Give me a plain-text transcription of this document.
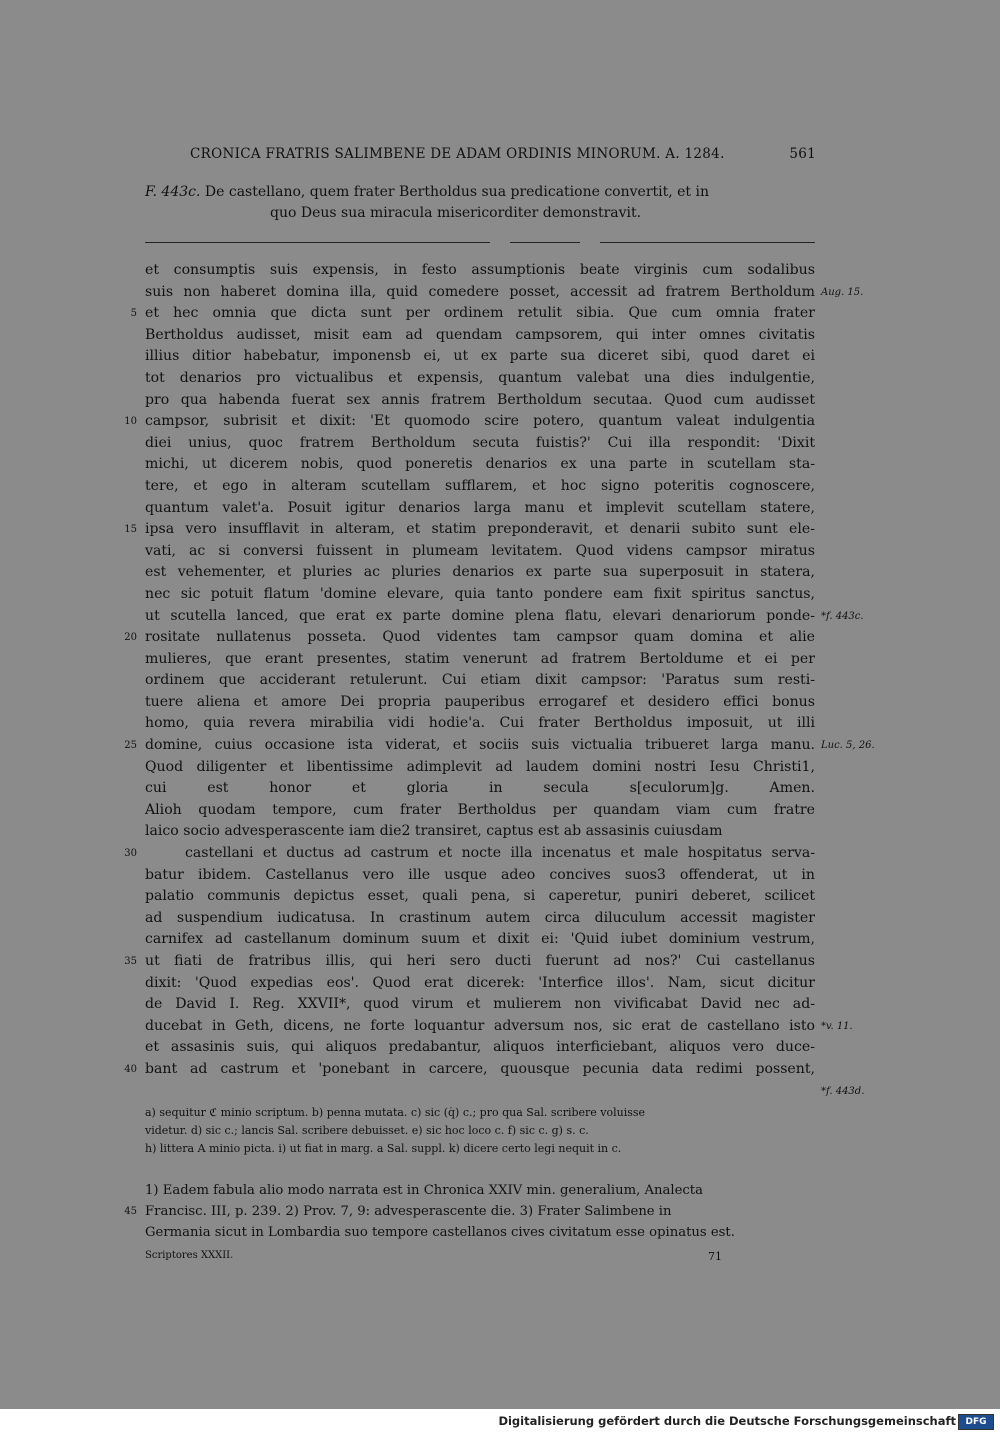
CRONICA FRATRIS SALIMBENE DE ADAM ORDINIS MINORUM. A. 1284.	561
F. 443c. De castellano, quem frater Bertholdus sua predicatione convertit, et in
quo Deus sua miracula misericorditer demonstravit.
et consumptis suis expensis, in festo assumptionis beate virginis cum sodalibus
Aug. 15.
suis non haberet domina illa, quid comedere posset, accessit ad fratrem Bertholdum
5 et hec omnia que dicta sunt per ordinem retulit sibia. Que cum omnia frater
Bertholdus audisset, misit eam ad quendam campsorem, qui inter omnes civitatis
illius ditior habebatur, imponensb ei, ut ex parte sua diceret sibi, quod daret ei
tot denarios pro victualibus et expensis, quantum valebat una dies indulgentie,
pro qua habenda fuerat sex annis fratrem Bertholdum secutaa. Quod cum audisset
10 campsor, subrisit et dixit: 'Et quomodo scire potero, quantum valeat indulgentia
diei unius, quoc fratrem Bertholdum secuta fuistis?' Cui illa respondit: 'Dixit
michi, ut dicerem nobis, quod poneretis denarios ex una parte in scutellam sta-
tere, et ego in alteram scutellam sufflarem, et hoc signo poteritis cognoscere,
quantum valet'a. Posuit igitur denarios larga manu et implevit scutellam statere,
15 ipsa vero insufflavit in alteram, et statim preponderavit, et denarii subito sunt ele-
vati, ac si conversi fuissent in plumeam levitatem. Quod videns campsor miratus
est vehementer, et pluries ac pluries denarios ex parte sua superposuit in statera,
nec sic potuit flatum 'domine elevare, quia tanto pondere eam fixit spiritus sanctus,
*f. 443c.
ut scutella lanced, que erat ex parte domine plena flatu, elevari denariorum ponde-
20 rositate nullatenus posseta. Quod videntes tam campsor quam domina et alie
mulieres, que erant presentes, statim venerunt ad fratrem Bertoldume et ei per
ordinem que acciderant retulerunt. Cui etiam dixit campsor: 'Paratus sum resti-
tuere aliena et amore Dei propria pauperibus errogaref et desidero effici bonus
homo, quia revera mirabilia vidi hodie'a. Cui frater Bertholdus imposuit, ut illi
Luc. 5, 26.
25 domine, cuius occasione ista viderat, et sociis suis victualia tribueret larga manu.
Quod diligenter et libentissime adimplevit ad laudem domini nostri Iesu Christi1,
cui est honor et gloria in secula s[eculorum]g. Amen.
Alioh quodam tempore, cum frater Bertholdus per quandam viam cum fratre
laico socio advesperascente iam die2 transiret, captus est ab assasinis cuiusdam
30	castellani et ductus ad castrum et nocte illa incenatus et male hospitatus serva-
batur ibidem. Castellanus vero ille usque adeo concives suos3 offenderat, ut in
palatio communis depictus esset, quali pena, si caperetur, puniri deberet, scilicet
ad suspendium iudicatusa. In crastinum autem circa diluculum accessit magister
carnifex ad castellanum dominum suum et dixit ei: 'Quid iubet dominium vestrum,
35 ut fiati de fratribus illis, qui heri sero ducti fuerunt ad nos?' Cui castellanus
dixit: 'Quod expedias eos'. Quod erat dicerek: 'Interfice illos'. Nam, sicut dicitur
de David I. Reg. XXVII*, quod virum et mulierem non vivificabat David nec ad-
*v. 11.
ducebat in Geth, dicens, ne forte loquantur adversum nos, sic erat de castellano isto
et assasinis suis, qui aliquos predabantur, aliquos interficiebant, aliquos vero duce-
40 bant ad castrum et 'ponebant in carcere, quousque pecunia data redimi possent,
*f. 443d.
a) sequitur ℭ minio scriptum. b) penna mutata. c) sic (q̇) c.; pro qua Sal. scribere voluisse
videtur. d) sic c.; lancis Sal. scribere debuisset. e) sic hoc loco c. f) sic c. g) s. c.
h) littera A minio picta. i) ut fiat in marg. a Sal. suppl. k) dicere certo legi nequit in c.
1) Eadem fabula alio modo narrata est in Chronica XXIV min. generalium, Analecta
45 Francisc. III, p. 239. 2) Prov. 7, 9: advesperascente die. 3) Frater Salimbene in
Germania sicut in Lombardia suo tempore castellanos cives civitatum esse opinatus est.
Scriptores XXXII.	71
Digitalisierung gefördert durch die Deutsche Forschungsgemeinschaft	DFG
